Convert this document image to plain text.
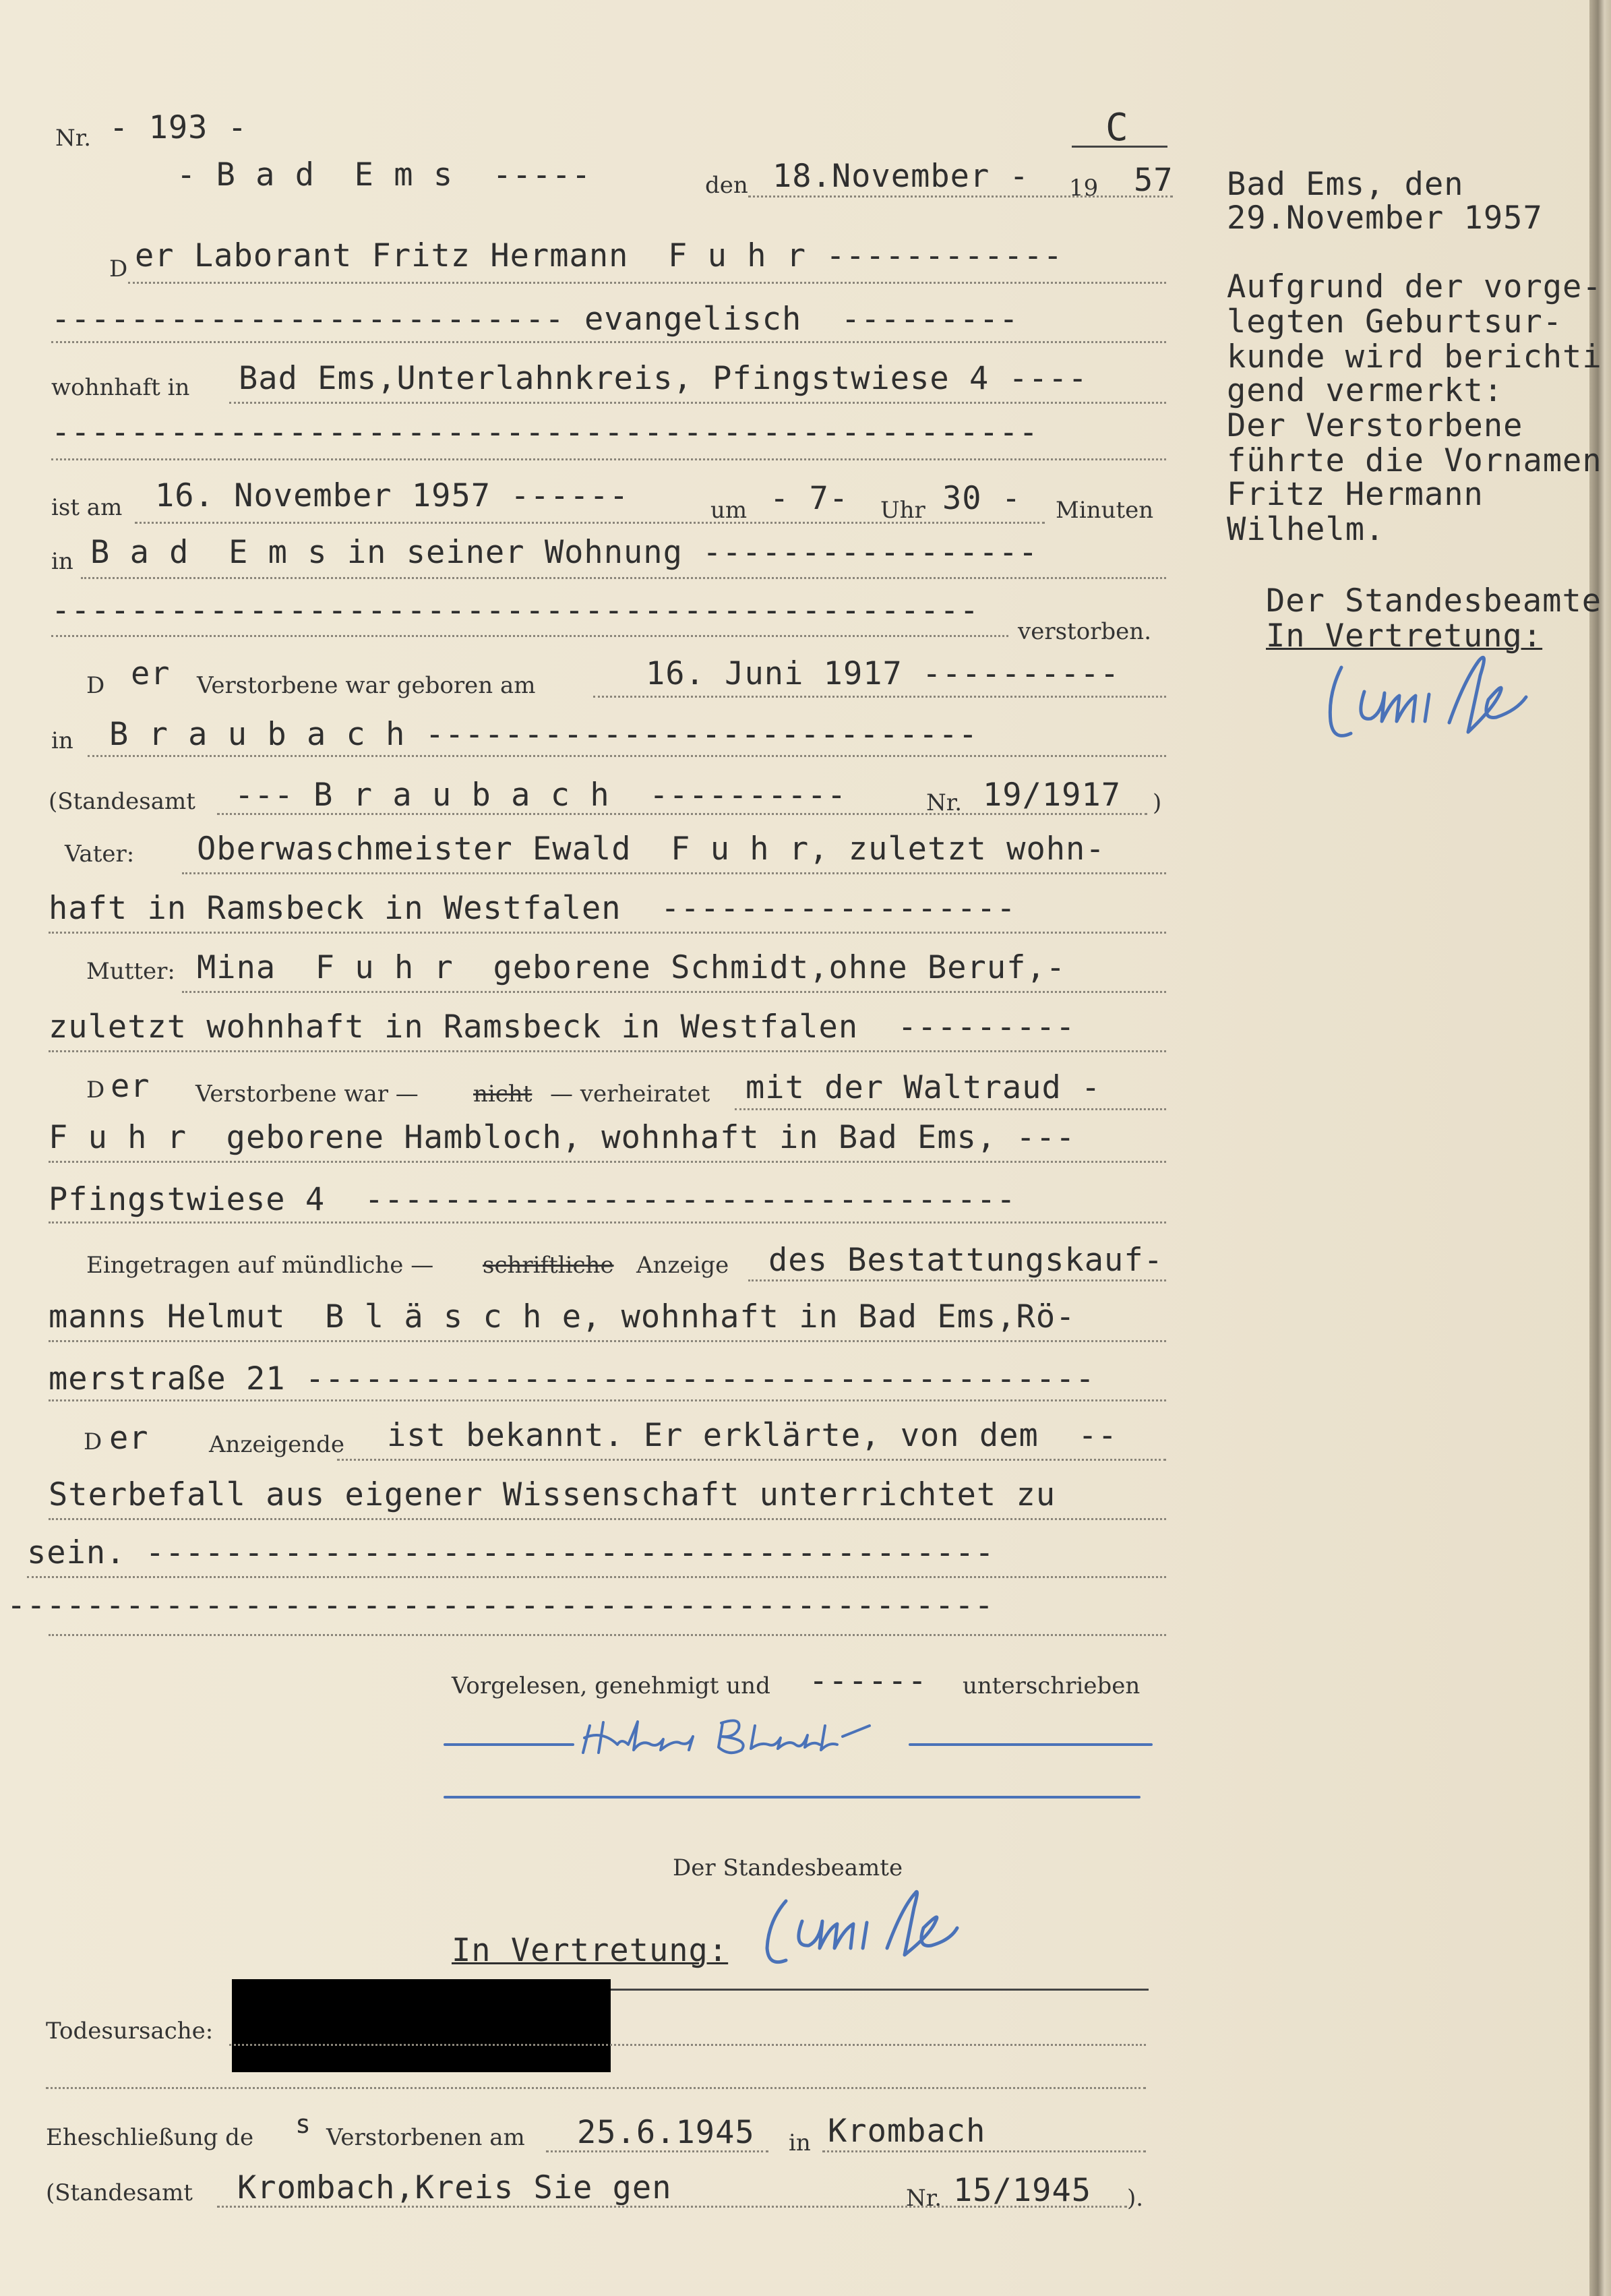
Nr. - 193 -	C
- B a d  E m s  -----	den 18.November - 19 57
D er Laborant Fritz Hermann  F u h r ------------
-------------------------- evangelisch  ---------
wohnhaft in Bad Ems,Unterlahnkreis, Pfingstwiese 4 ----
--------------------------------------------------
ist am 16. November 1957 ------	um - 7- Uhr 30 - Minuten
in B a d  E m s in seiner Wohnung -----------------
-----------------------------------------------
verstorben.
D er Verstorbene war geboren am	16. Juni 1917 ----------
in B r a u b a c h ----------------------------
(Standesamt --- B r a u b a c h  ----------	Nr. 19/1917 )
Vater: Oberwaschmeister Ewald  F u h r, zuletzt wohn-
haft in Ramsbeck in Westfalen  ------------------
Mutter: Mina  F u h r  geborene Schmidt,ohne Beruf,-
zuletzt wohnhaft in Ramsbeck in Westfalen  ---------
D er Verstorbene war — nicht — verheiratet mit der Waltraud -
F u h r  geborene Hambloch, wohnhaft in Bad Ems, ---
Pfingstwiese 4  ---------------------------------
Eingetragen auf mündliche — schriftliche Anzeige des Bestattungskauf-
manns Helmut  B l ä s c h e, wohnhaft in Bad Ems,Rö-
merstraße 21 ----------------------------------------
D er	Anzeigende ist bekannt. Er erklärte, von dem  --
Sterbefall aus eigener Wissenschaft unterrichtet zu
sein. -------------------------------------------
--------------------------------------------------
Vorgelesen, genehmigt und ------ unterschrieben
Der Standesbeamte
In Vertretung:
Todesursache:
Eheschließung de s Verstorbenen am 25.6.1945 in Krombach
(Standesamt Krombach,Kreis Sie gen	Nr. 15/1945 ).
Bad Ems, den
29.November 1957
Aufgrund der vorge-
legten Geburtsur-
kunde wird berichti
gend vermerkt:
Der Verstorbene
führte die Vornamen
Fritz Hermann
Wilhelm.
Der Standesbeamte
In Vertretung:
